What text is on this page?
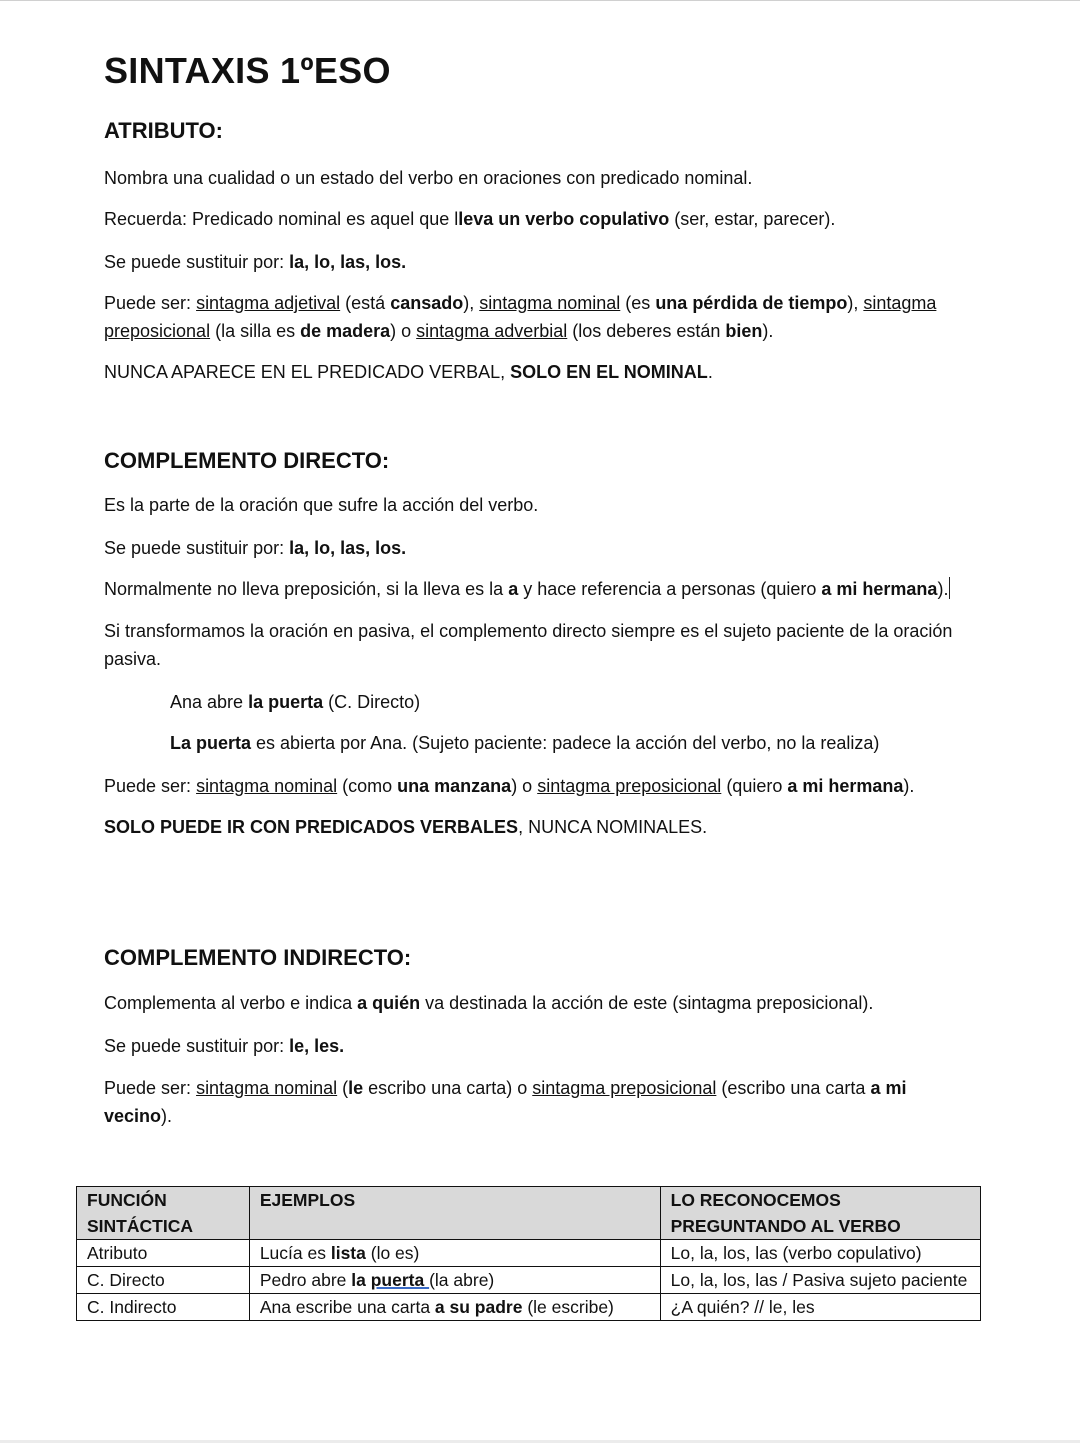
SINTAXIS 1ºESO
ATRIBUTO:

Nombra una cualidad o un estado del verbo en oraciones con predicado nominal.

Recuerda: Predicado nominal es aquel que lleva un verbo copulativo (ser, estar, parecer).

Se puede sustituir por: la, lo, las, los.

Puede ser: sintagma adjetival (está cansado), sintagma nominal (es una pérdida de tiempo), sintagma preposicional (la silla es de madera) o sintagma adverbial (los deberes están bien).

NUNCA APARECE EN EL PREDICADO VERBAL, SOLO EN EL NOMINAL.

COMPLEMENTO DIRECTO:

Es la parte de la oración que sufre la acción del verbo.

Se puede sustituir por: la, lo, las, los.

Normalmente no lleva preposición, si la lleva es la a y hace referencia a personas (quiero a mi hermana).

Si transformamos la oración en pasiva, el complemento directo siempre es el sujeto paciente de la oración pasiva.

Ana abre la puerta (C. Directo)

La puerta es abierta por Ana. (Sujeto paciente: padece la acción del verbo, no la realiza)

Puede ser: sintagma nominal (como una manzana) o sintagma preposicional (quiero a mi hermana).

SOLO PUEDE IR CON PREDICADOS VERBALES, NUNCA NOMINALES.

COMPLEMENTO INDIRECTO:

Complementa al verbo e indica a quién va destinada la acción de este (sintagma preposicional).

Se puede sustituir por: le, les.

Puede ser: sintagma nominal (le escribo una carta) o sintagma preposicional (escribo una carta a mi vecino).

FUNCIÓN SINTÁCTICA	EJEMPLOS	LO RECONOCEMOS PREGUNTANDO AL VERBO
Atributo	Lucía es lista (lo es)	Lo, la, los, las (verbo copulativo)
C. Directo	Pedro abre la puerta (la abre)	Lo, la, los, las / Pasiva sujeto paciente
C. Indirecto	Ana escribe una carta a su padre (le escribe)	¿A quién? // le, les
